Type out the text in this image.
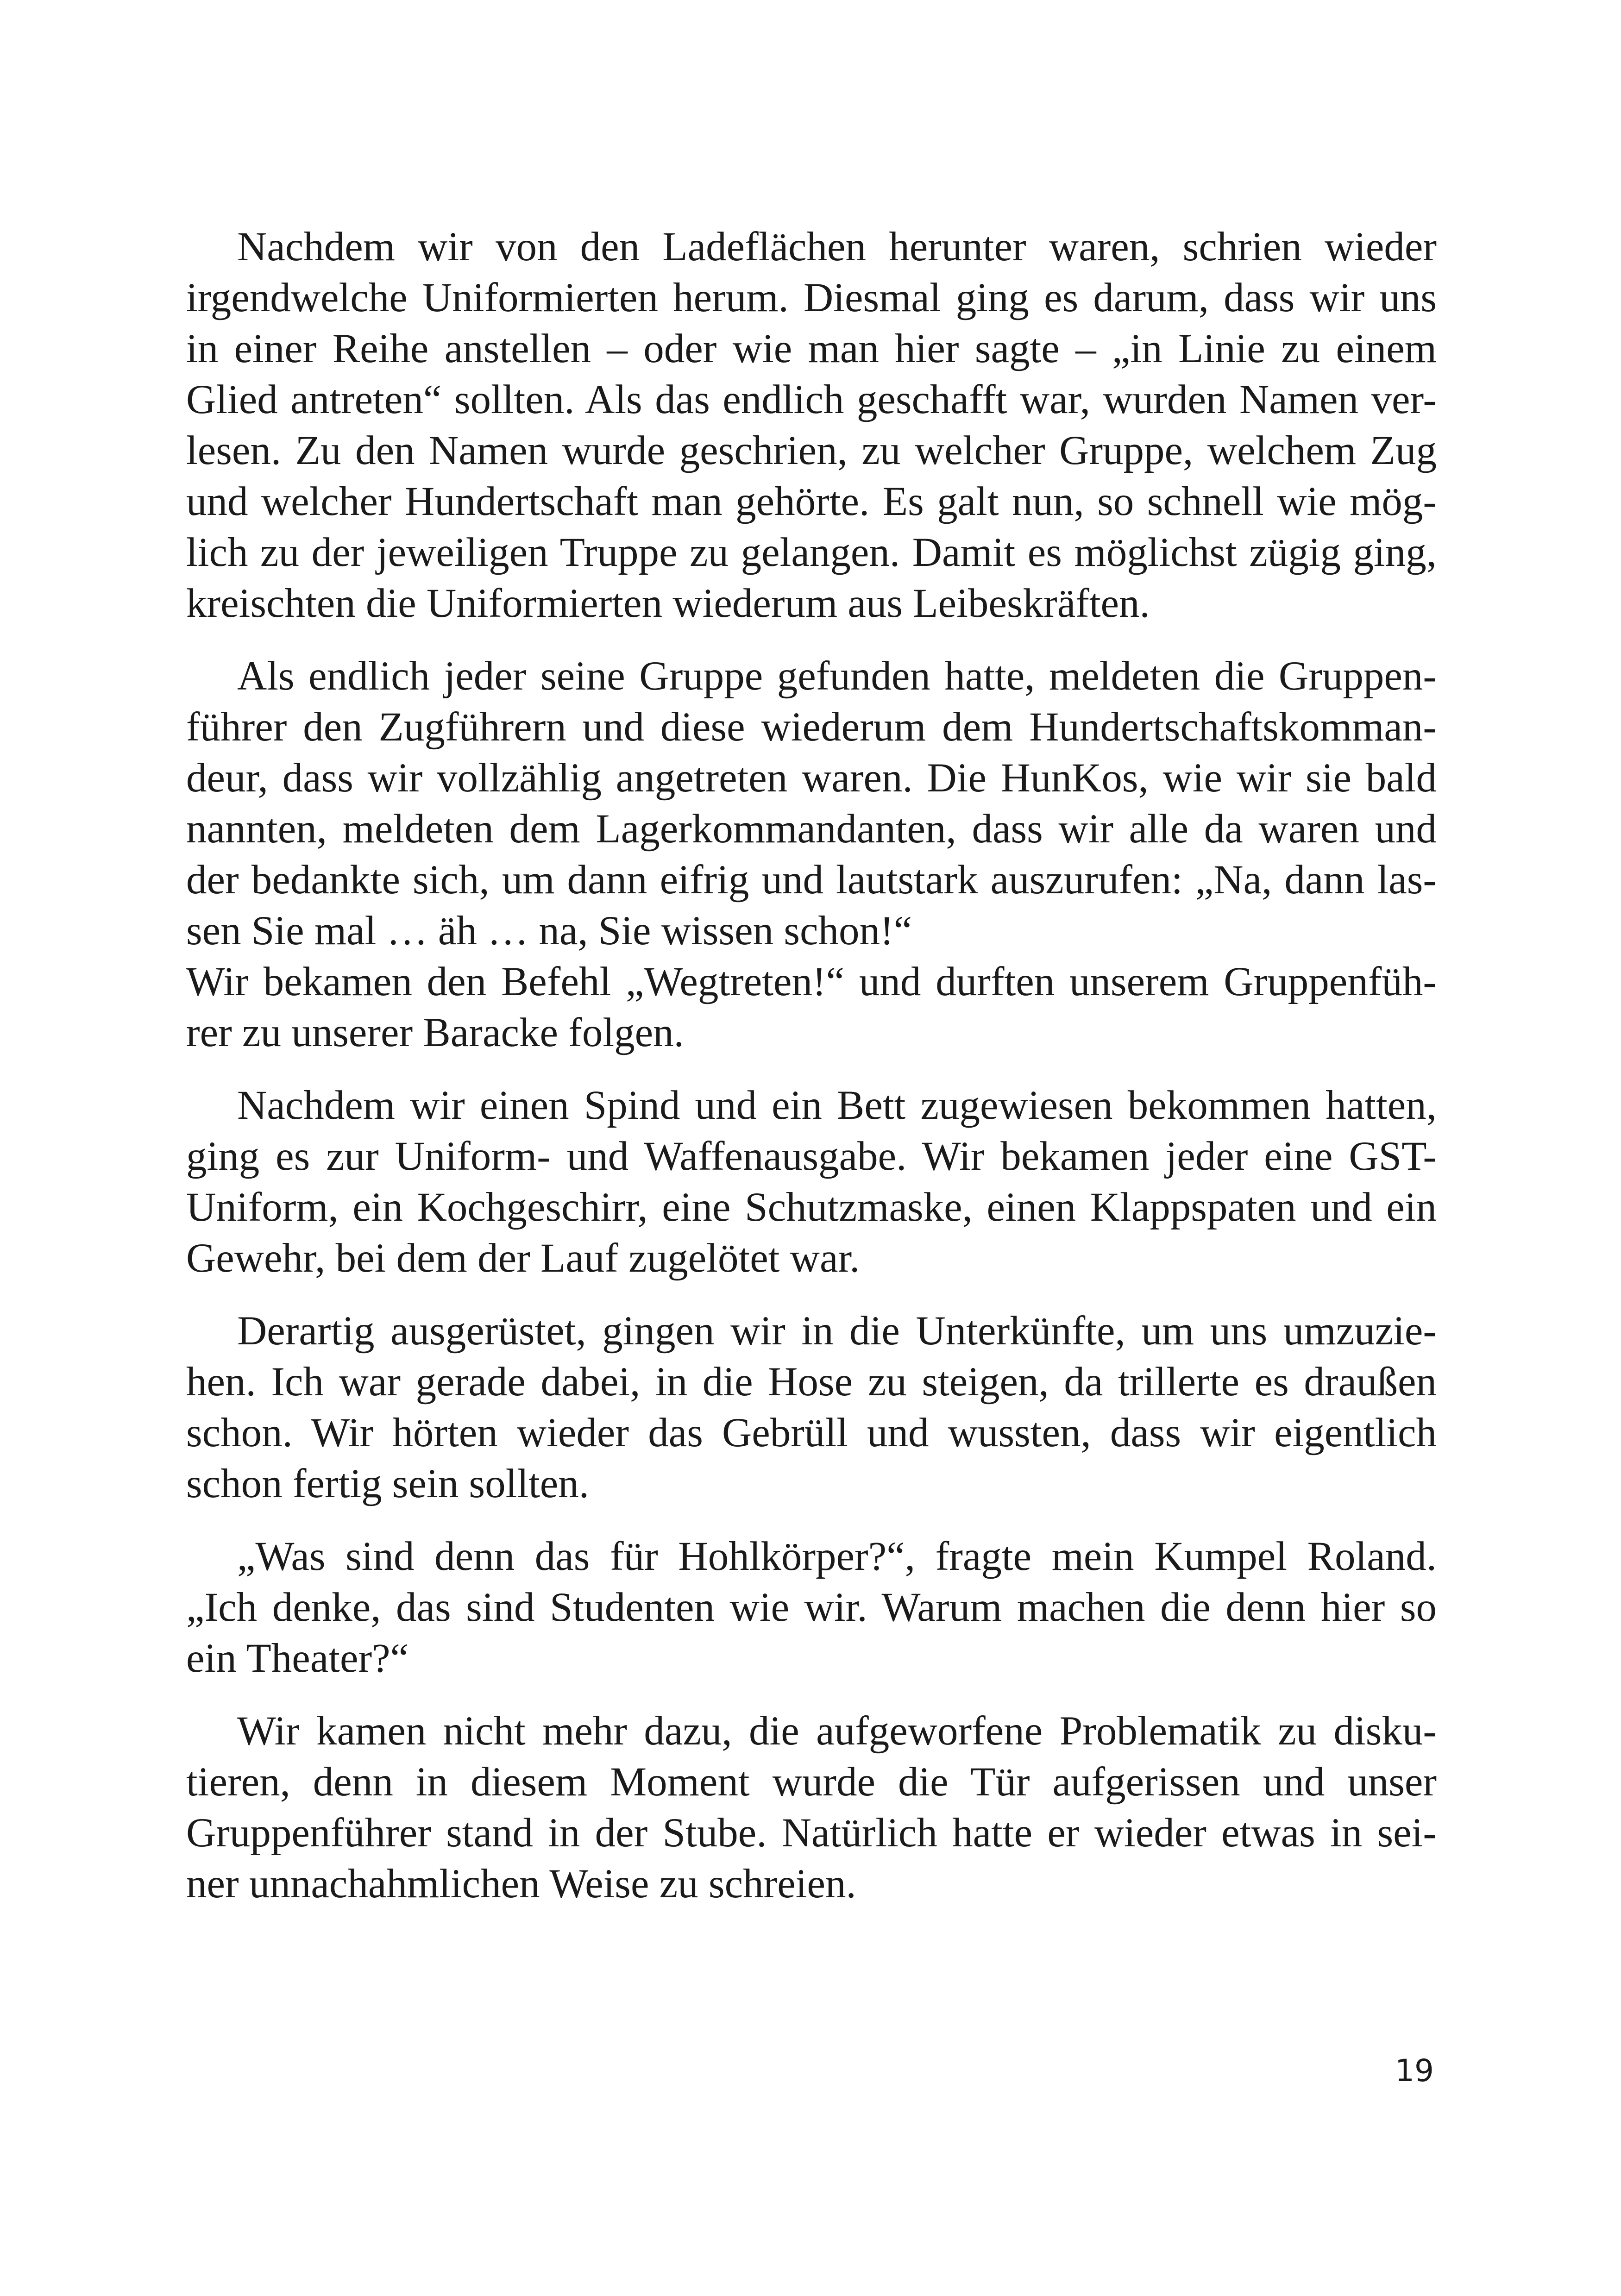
Nachdem wir von den Ladeflächen herunter waren, schrien wieder
irgendwelche Uniformierten herum. Diesmal ging es darum, dass wir uns
in einer Reihe anstellen – oder wie man hier sagte – „in Linie zu einem
Glied antreten“ sollten. Als das endlich geschafft war, wurden Namen ver-
lesen. Zu den Namen wurde geschrien, zu welcher Gruppe, welchem Zug
und welcher Hundertschaft man gehörte. Es galt nun, so schnell wie mög-
lich zu der jeweiligen Truppe zu gelangen. Damit es möglichst zügig ging,
kreischten die Uniformierten wiederum aus Leibeskräften.

Als endlich jeder seine Gruppe gefunden hatte, meldeten die Gruppen-
führer den Zugführern und diese wiederum dem Hundertschaftskomman-
deur, dass wir vollzählig angetreten waren. Die HunKos, wie wir sie bald
nannten, meldeten dem Lagerkommandanten, dass wir alle da waren und
der bedankte sich, um dann eifrig und lautstark auszurufen: „Na, dann las-
sen Sie mal … äh … na, Sie wissen schon!“
Wir bekamen den Befehl „Wegtreten!“ und durften unserem Gruppenfüh-
rer zu unserer Baracke folgen.

Nachdem wir einen Spind und ein Bett zugewiesen bekommen hatten,
ging es zur Uniform- und Waffenausgabe. Wir bekamen jeder eine GST-
Uniform, ein Kochgeschirr, eine Schutzmaske, einen Klappspaten und ein
Gewehr, bei dem der Lauf zugelötet war.

Derartig ausgerüstet, gingen wir in die Unterkünfte, um uns umzuzie-
hen. Ich war gerade dabei, in die Hose zu steigen, da trillerte es draußen
schon. Wir hörten wieder das Gebrüll und wussten, dass wir eigentlich
schon fertig sein sollten.

„Was sind denn das für Hohlkörper?“, fragte mein Kumpel Roland.
„Ich denke, das sind Studenten wie wir. Warum machen die denn hier so
ein Theater?“

Wir kamen nicht mehr dazu, die aufgeworfene Problematik zu disku-
tieren, denn in diesem Moment wurde die Tür aufgerissen und unser
Gruppenführer stand in der Stube. Natürlich hatte er wieder etwas in sei-
ner unnachahmlichen Weise zu schreien.

19
